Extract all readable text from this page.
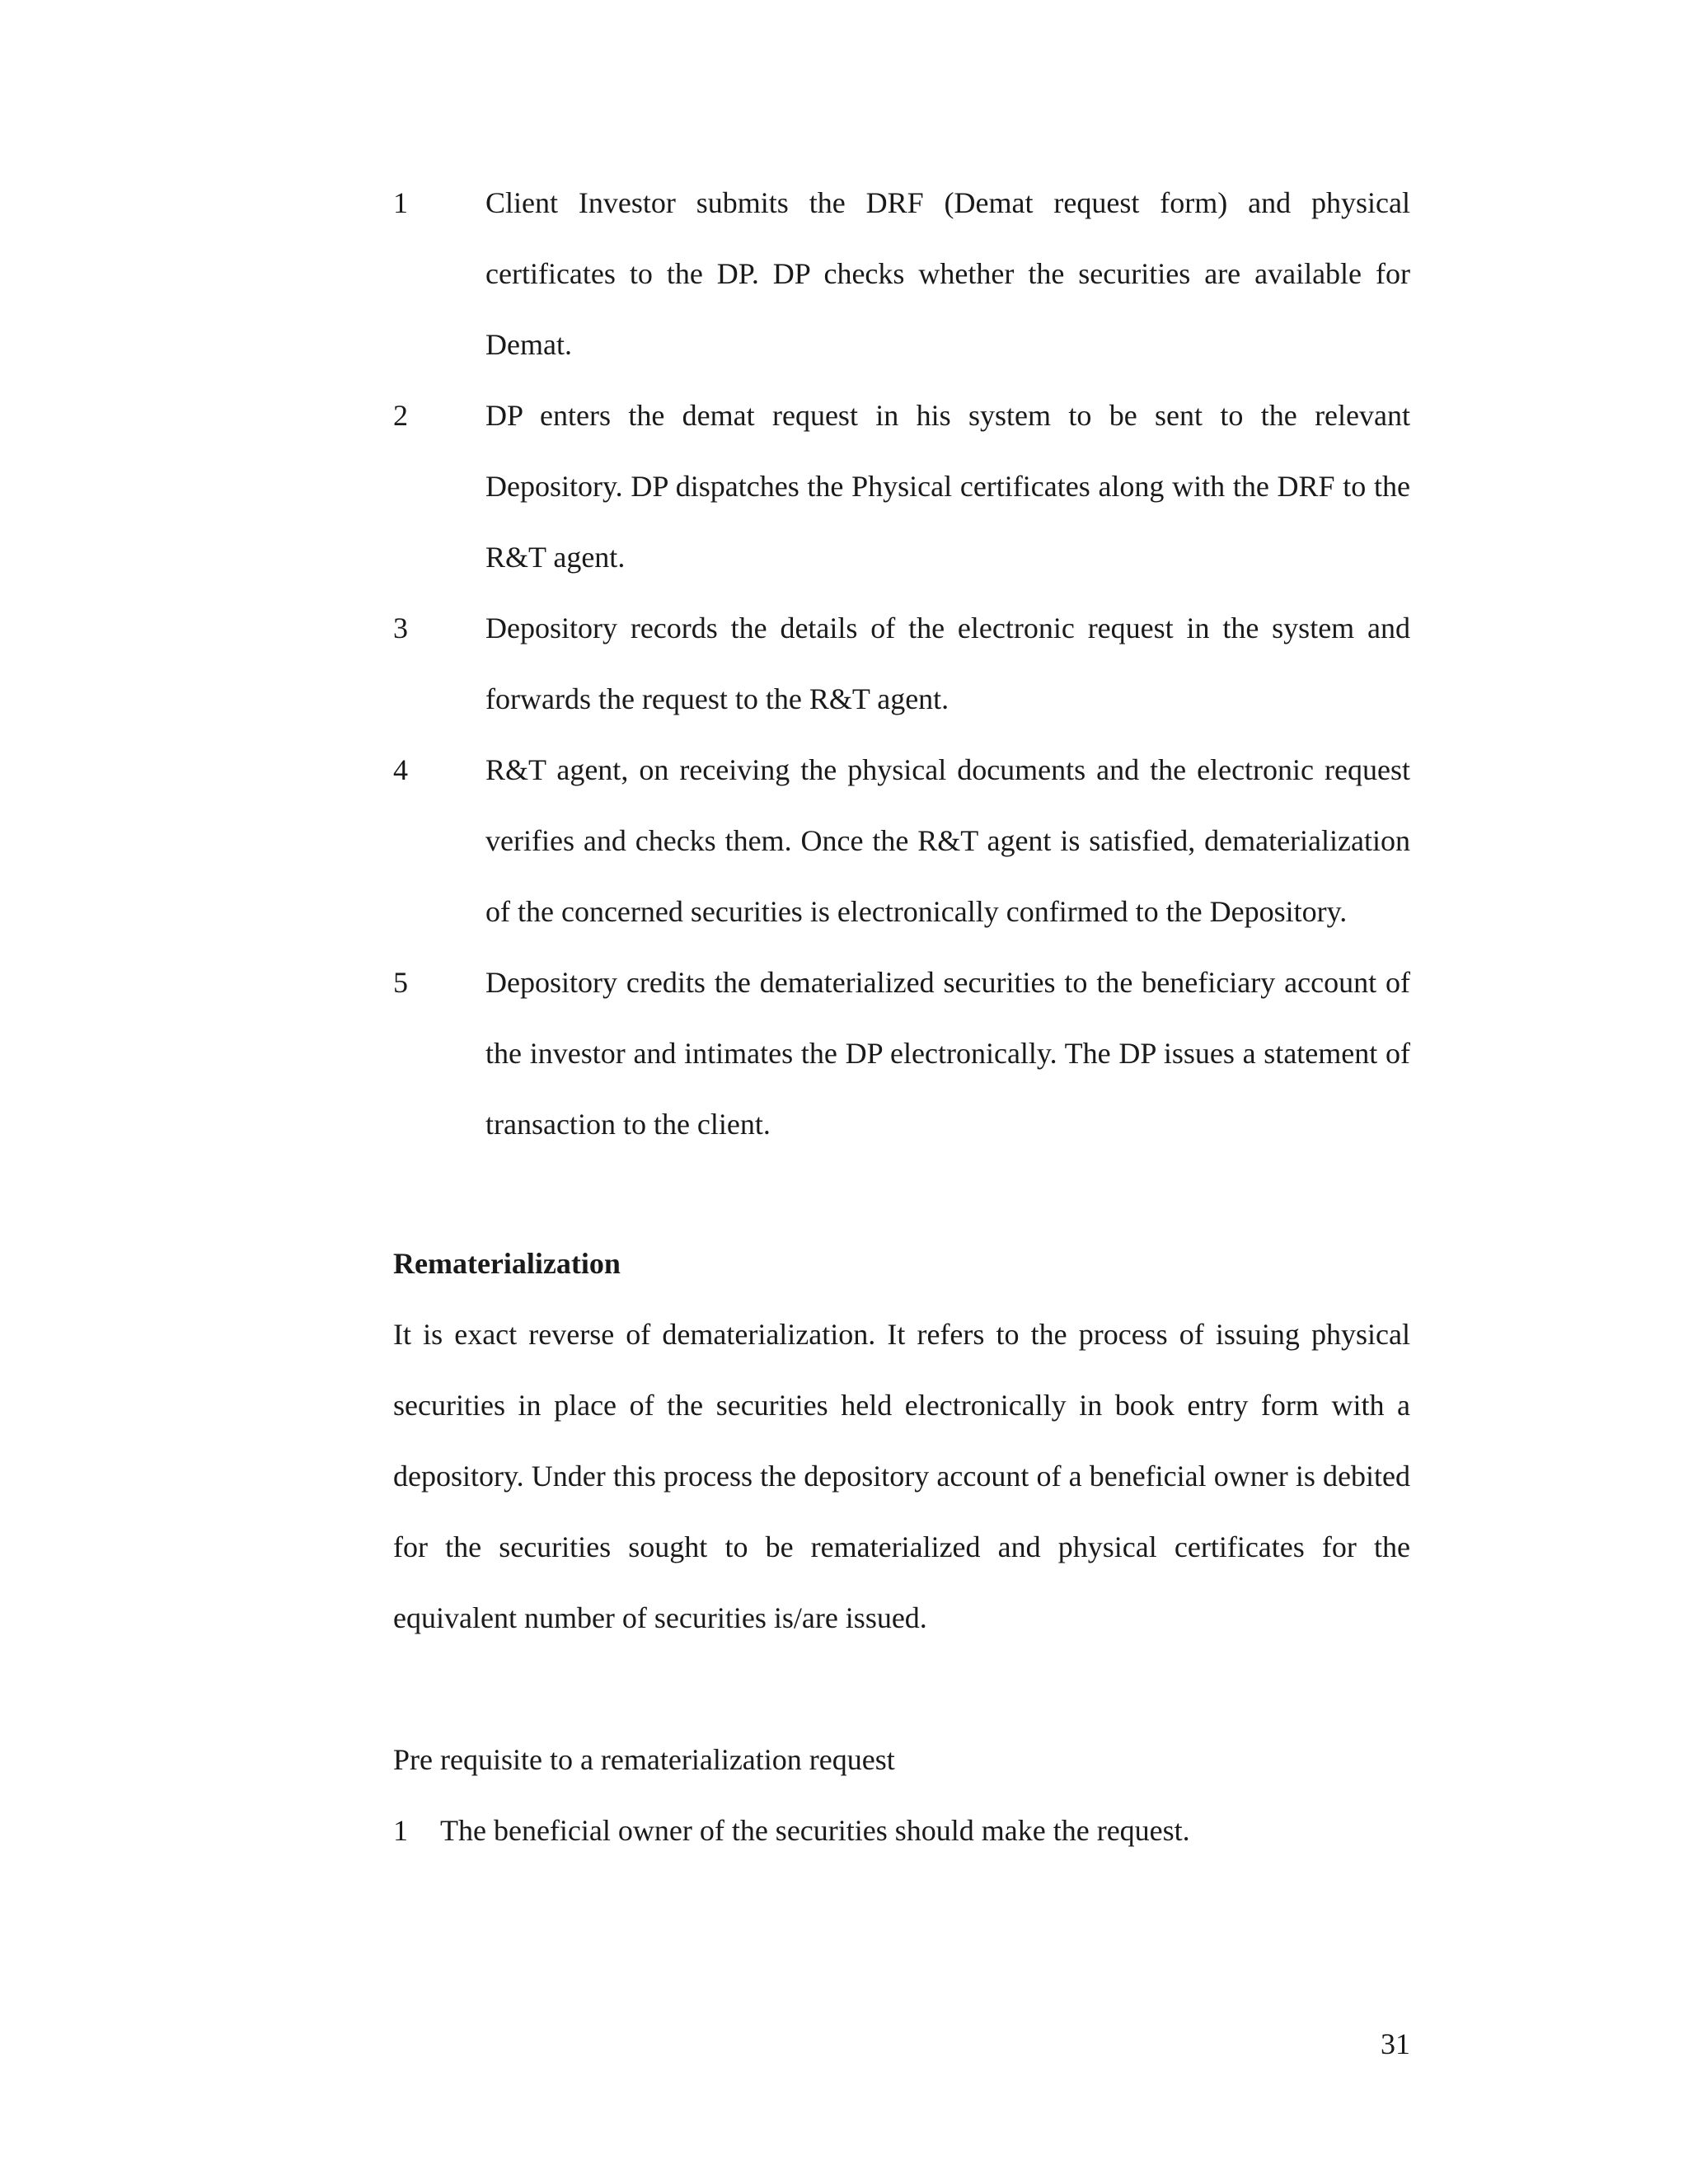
1	Client Investor submits the DRF (Demat request form) and physical certificates to the DP. DP checks whether the securities are available for Demat.
2	DP enters the demat request in his system to be sent to the relevant Depository. DP dispatches the Physical certificates along with the DRF to the R&T agent.
3	Depository records the details of the electronic request in the system and forwards the request to the R&T agent.
4	R&T agent, on receiving the physical documents and the electronic request verifies and checks them. Once the R&T agent is satisfied, dematerialization of the concerned securities is electronically confirmed to the Depository.
5	Depository credits the dematerialized securities to the beneficiary account of the investor and intimates the DP electronically. The DP issues a statement of transaction to the client.

Rematerialization

It is exact reverse of dematerialization. It refers to the process of issuing physical securities in place of the securities held electronically in book entry form with a depository. Under this process the depository account of a beneficial owner is debited for the securities sought to be rematerialized and physical certificates for the equivalent number of securities is/are issued.

Pre requisite to a rematerialization request

1	The beneficial owner of the securities should make the request.
31
